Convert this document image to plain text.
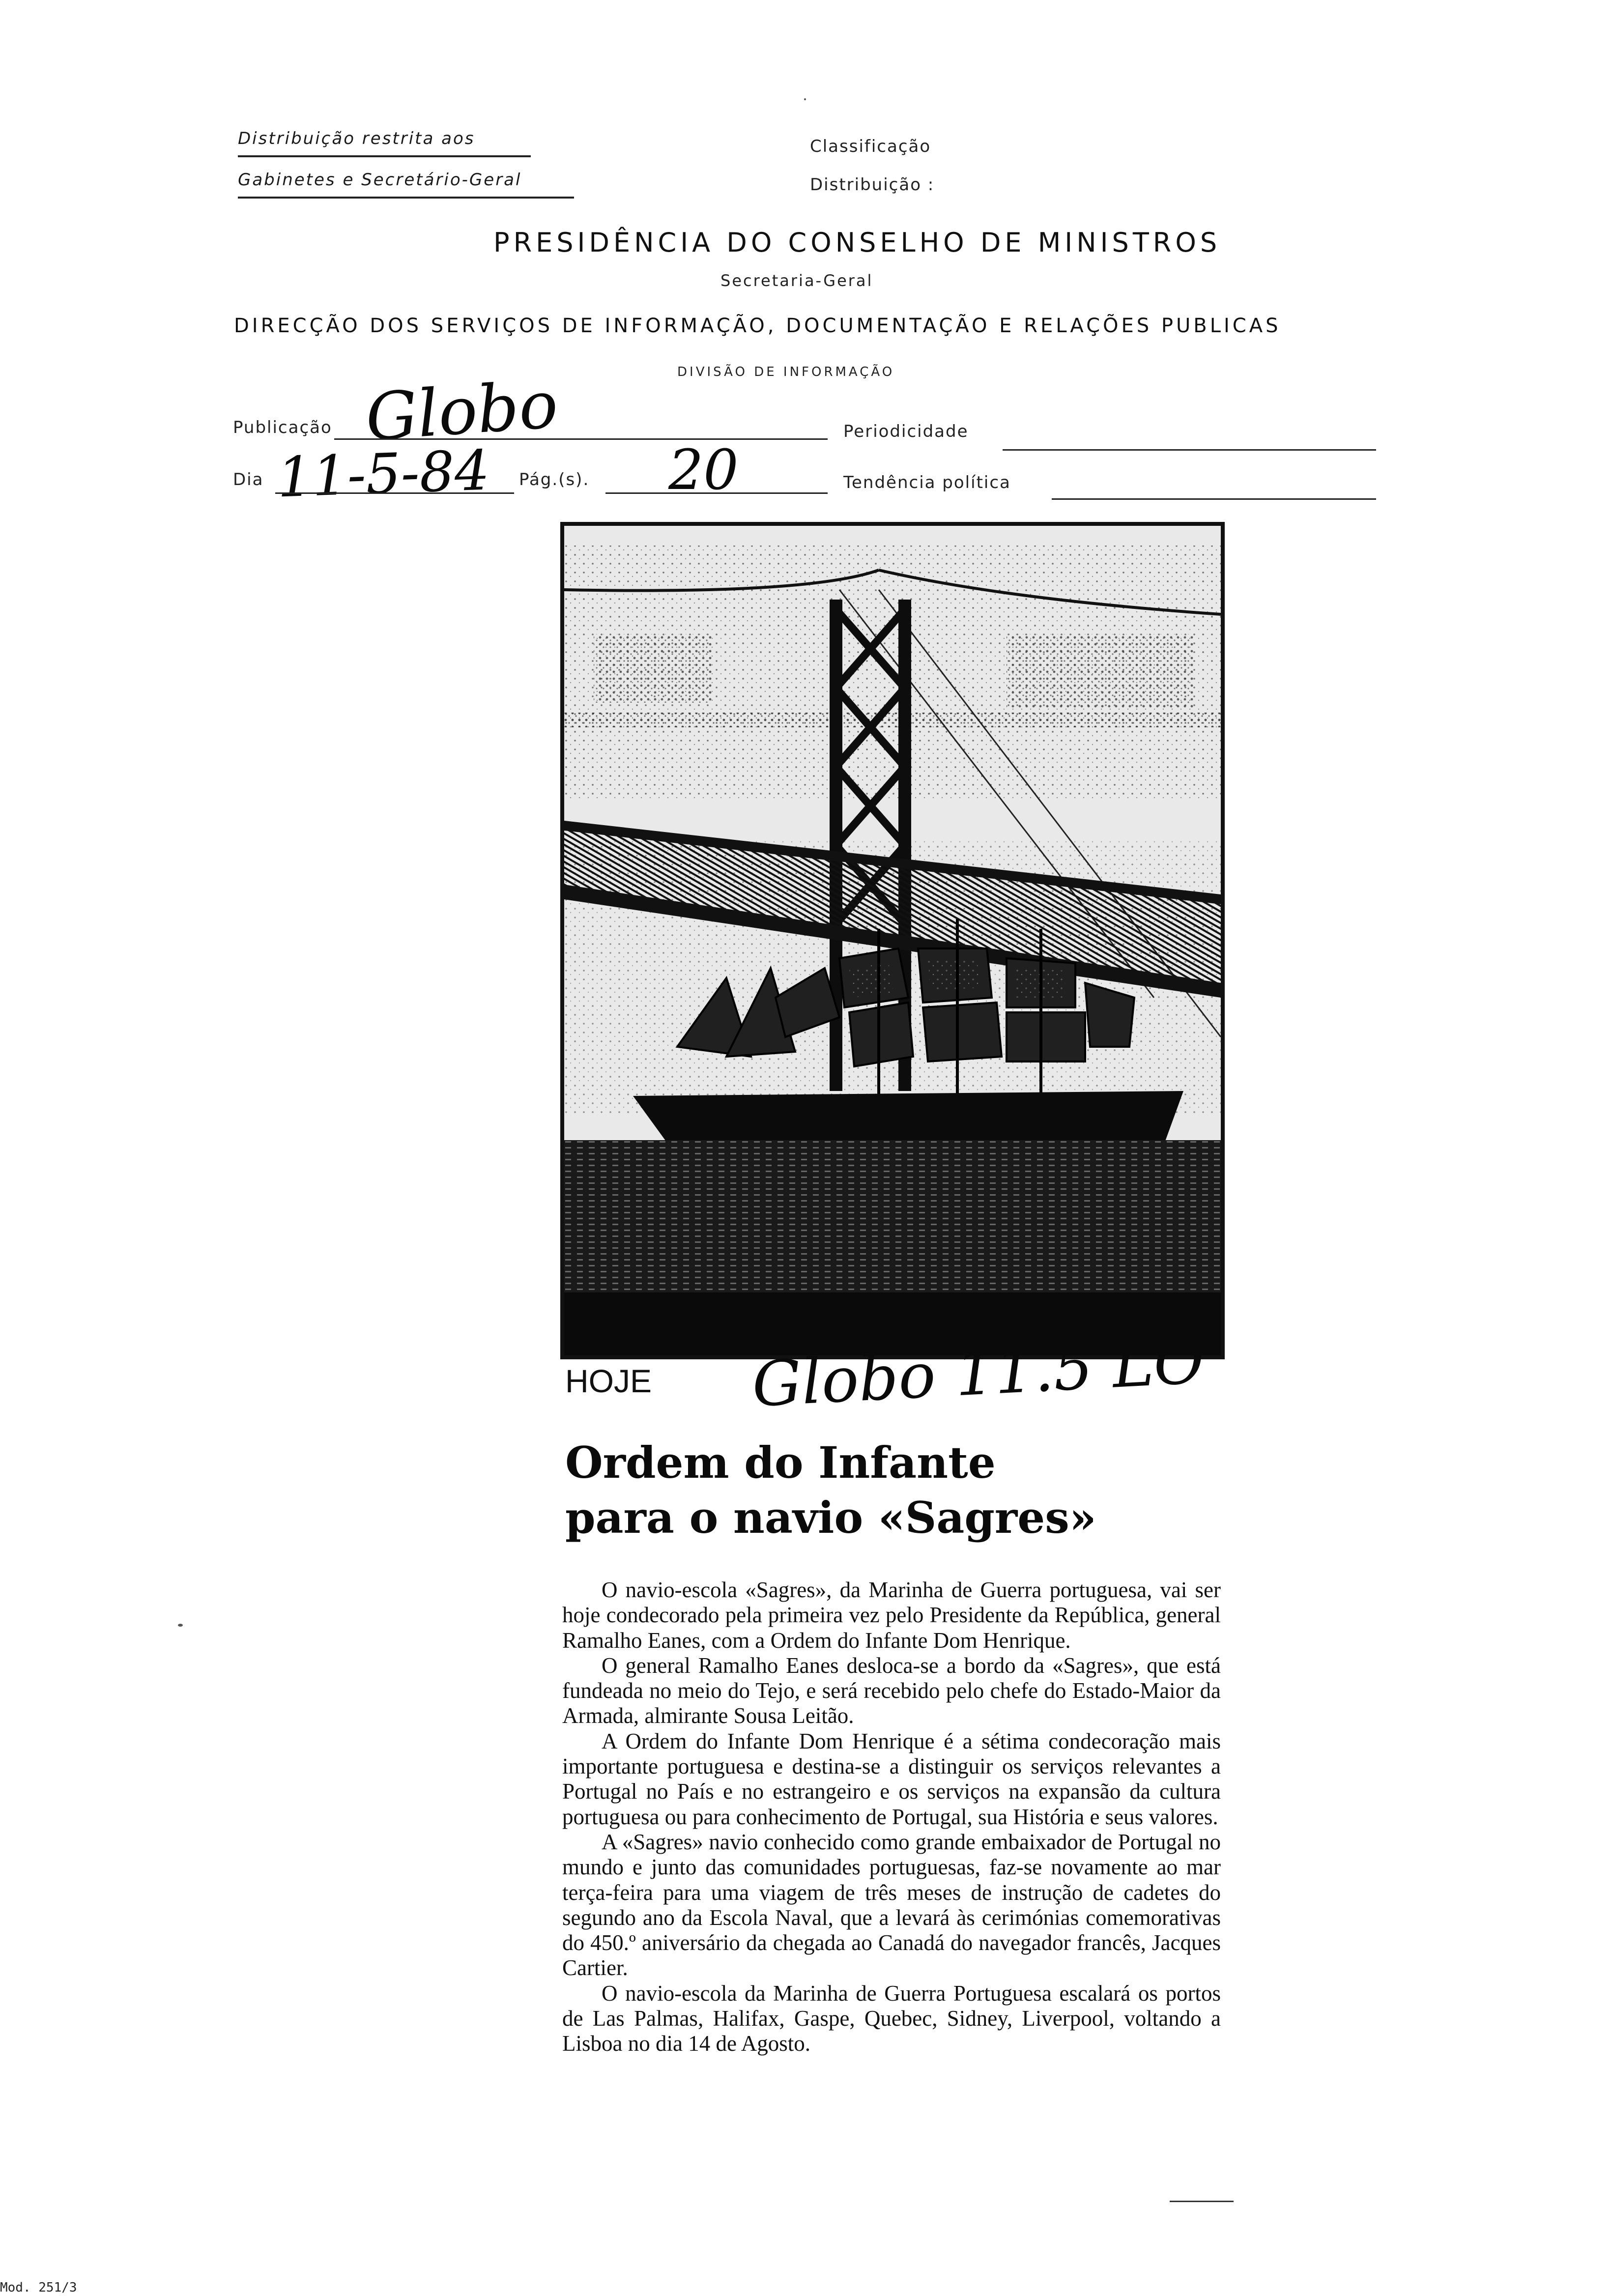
Distribuição restrita aos
Gabinetes e Secretário-Geral
Classificação
Distribuição :
PRESIDÊNCIA DO CONSELHO DE MINISTROS
Secretaria-Geral
DIRECÇÃO DOS SERVIÇOS DE INFORMAÇÃO, DOCUMENTAÇÃO E RELAÇÕES PUBLICAS
DIVISÃO DE INFORMAÇÃO
Publicação Globo	Periodicidade
Dia 11-5-84 Pág.(s). 20	Tendência política
HOJE Globo 11.5 LO
Ordem do Infante
para o navio «Sagres»

O navio-escola «Sagres», da Marinha de Guerra portuguesa, vai ser hoje condecorado pela primeira vez pelo Presidente da República, general Ramalho Eanes, com a Ordem do Infante Dom Henrique.

O general Ramalho Eanes desloca-se a bordo da «Sagres», que está fundeada no meio do Tejo, e será recebido pelo chefe do Estado-Maior da Armada, almirante Sousa Leitão.

A Ordem do Infante Dom Henrique é a sétima condecoração mais importante portuguesa e destina-se a distinguir os serviços relevantes a Portugal no País e no estrangeiro e os serviços na expansão da cultura portuguesa ou para conhecimento de Portugal, sua História e seus valores.

A «Sagres» navio conhecido como grande embaixador de Portugal no mundo e junto das comunidades portuguesas, faz-se novamente ao mar terça-feira para uma viagem de três meses de instrução de cadetes do segundo ano da Escola Naval, que a levará às cerimónias comemorativas do 450.º aniversário da chegada ao Canadá do navegador francês, Jacques Cartier.

O navio-escola da Marinha de Guerra Portuguesa escalará os portos de Las Palmas, Halifax, Gaspe, Quebec, Sidney, Liverpool, voltando a Lisboa no dia 14 de Agosto.

Mod. 251/3
